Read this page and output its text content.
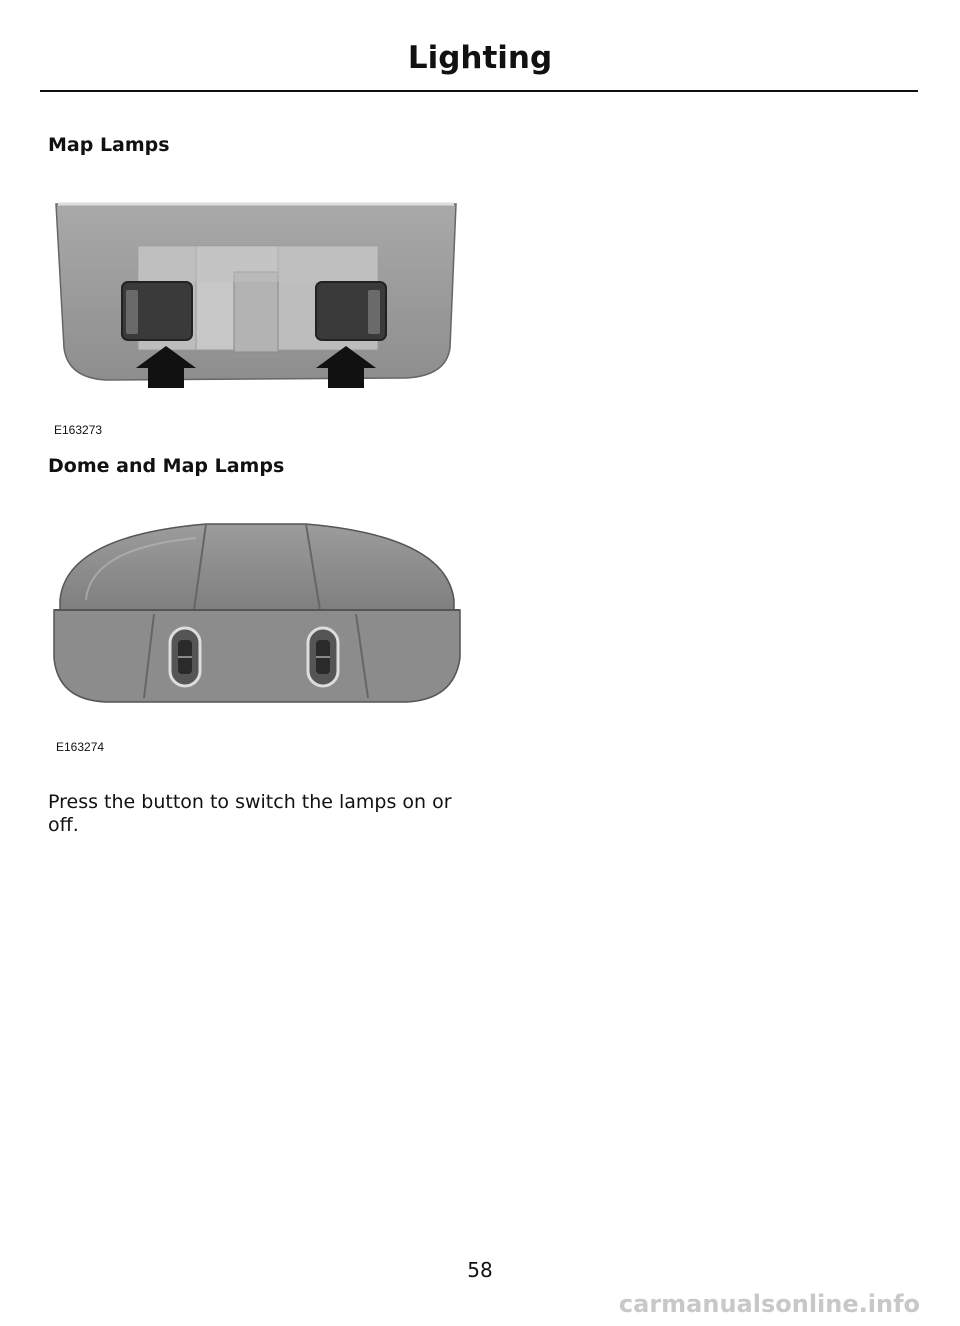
Lighting
Map Lamps
E163273
Dome and Map Lamps
E163274

Press the button to switch the lamps on or off.

58
carmanualsonline.info
